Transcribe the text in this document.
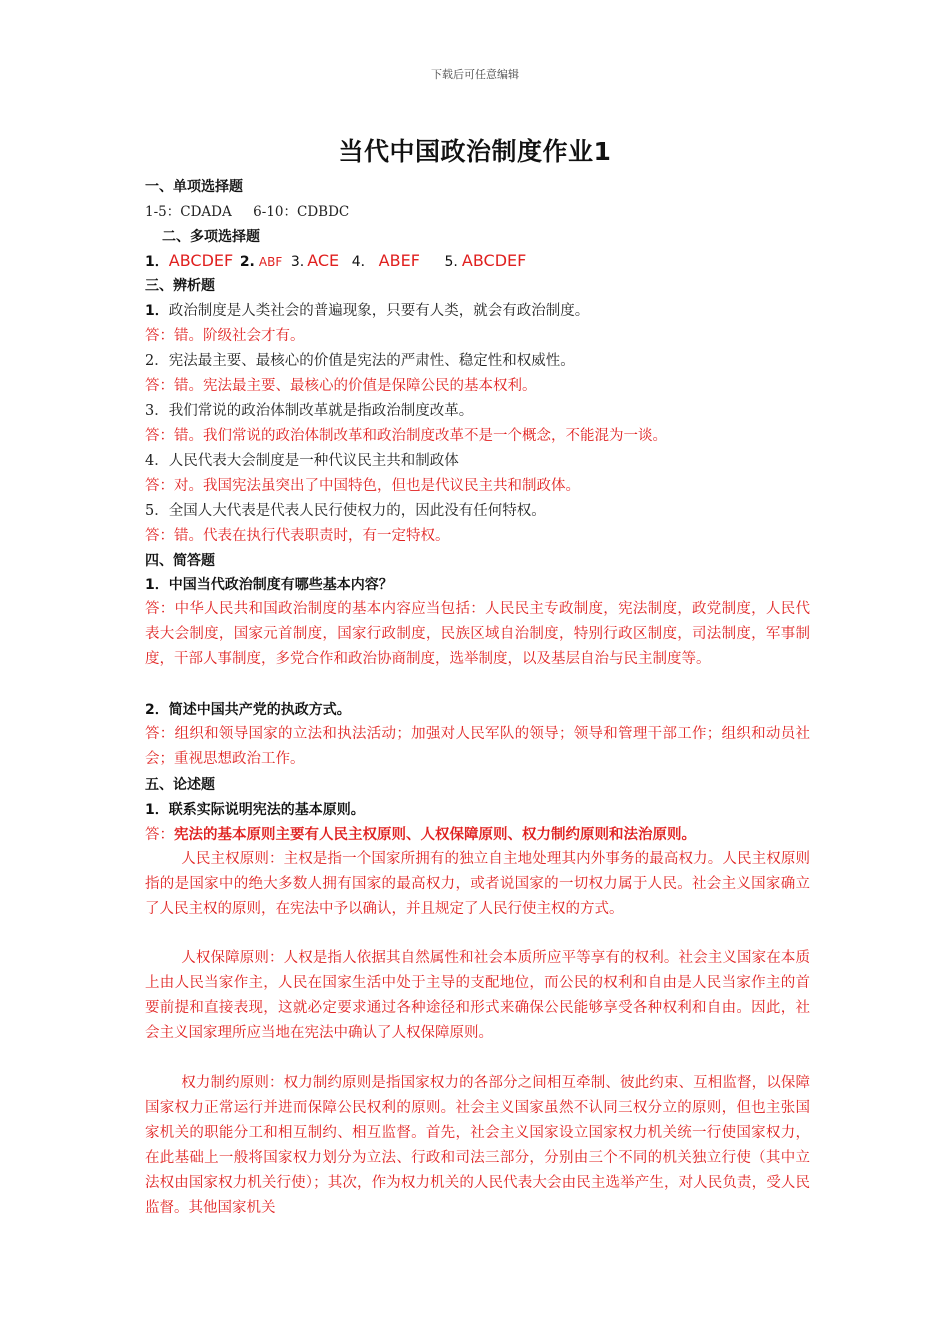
下载后可任意编辑
当代中国政治制度作业1
一、单项选择题
1-5：CDADA     6-10：CDBDC
二、多项选择题
1．ABCDEF 2. ABF 3. ACE 4． ABEF 5. ABCDEF
三、辨析题
1．政治制度是人类社会的普遍现象，只要有人类，就会有政治制度。
答：错。阶级社会才有。
2．宪法最主要、最核心的价值是宪法的严肃性、稳定性和权威性。
答：错。宪法最主要、最核心的价值是保障公民的基本权利。
3．我们常说的政治体制改革就是指政治制度改革。
答：错。我们常说的政治体制改革和政治制度改革不是一个概念，不能混为一谈。
4．人民代表大会制度是一种代议民主共和制政体
答：对。我国宪法虽突出了中国特色，但也是代议民主共和制政体。
5．全国人大代表是代表人民行使权力的，因此没有任何特权。
答：错。代表在执行代表职责时，有一定特权。
四、简答题
1．中国当代政治制度有哪些基本内容？
答：中华人民共和国政治制度的基本内容应当包括：人民民主专政制度，宪法制度，政党制度，人民代表大会制度，国家元首制度，国家行政制度，民族区域自治制度，特别行政区制度，司法制度，军事制度，干部人事制度，多党合作和政治协商制度，选举制度，以及基层自治与民主制度等。
2．简述中国共产党的执政方式。
答：组织和领导国家的立法和执法活动；加强对人民军队的领导；领导和管理干部工作；组织和动员社会；重视思想政治工作。
五、论述题
1．联系实际说明宪法的基本原则。
答：宪法的基本原则主要有人民主权原则、人权保障原则、权力制约原则和法治原则。
人民主权原则：主权是指一个国家所拥有的独立自主地处理其内外事务的最高权力。人民主权原则指的是国家中的绝大多数人拥有国家的最高权力，或者说国家的一切权力属于人民。社会主义国家确立了人民主权的原则，在宪法中予以确认，并且规定了人民行使主权的方式。
人权保障原则：人权是指人依据其自然属性和社会本质所应平等享有的权利。社会主义国家在本质上由人民当家作主，人民在国家生活中处于主导的支配地位，而公民的权利和自由是人民当家作主的首要前提和直接表现，这就必定要求通过各种途径和形式来确保公民能够享受各种权利和自由。因此，社会主义国家理所应当地在宪法中确认了人权保障原则。
权力制约原则：权力制约原则是指国家权力的各部分之间相互牵制、彼此约束、互相监督，以保障国家权力正常运行并进而保障公民权利的原则。社会主义国家虽然不认同三权分立的原则，但也主张国家机关的职能分工和相互制约、相互监督。首先，社会主义国家设立国家权力机关统一行使国家权力，在此基础上一般将国家权力划分为立法、行政和司法三部分，分别由三个不同的机关独立行使（其中立法权由国家权力机关行使）；其次，作为权力机关的人民代表大会由民主选举产生，对人民负责，受人民监督。其他国家机关
